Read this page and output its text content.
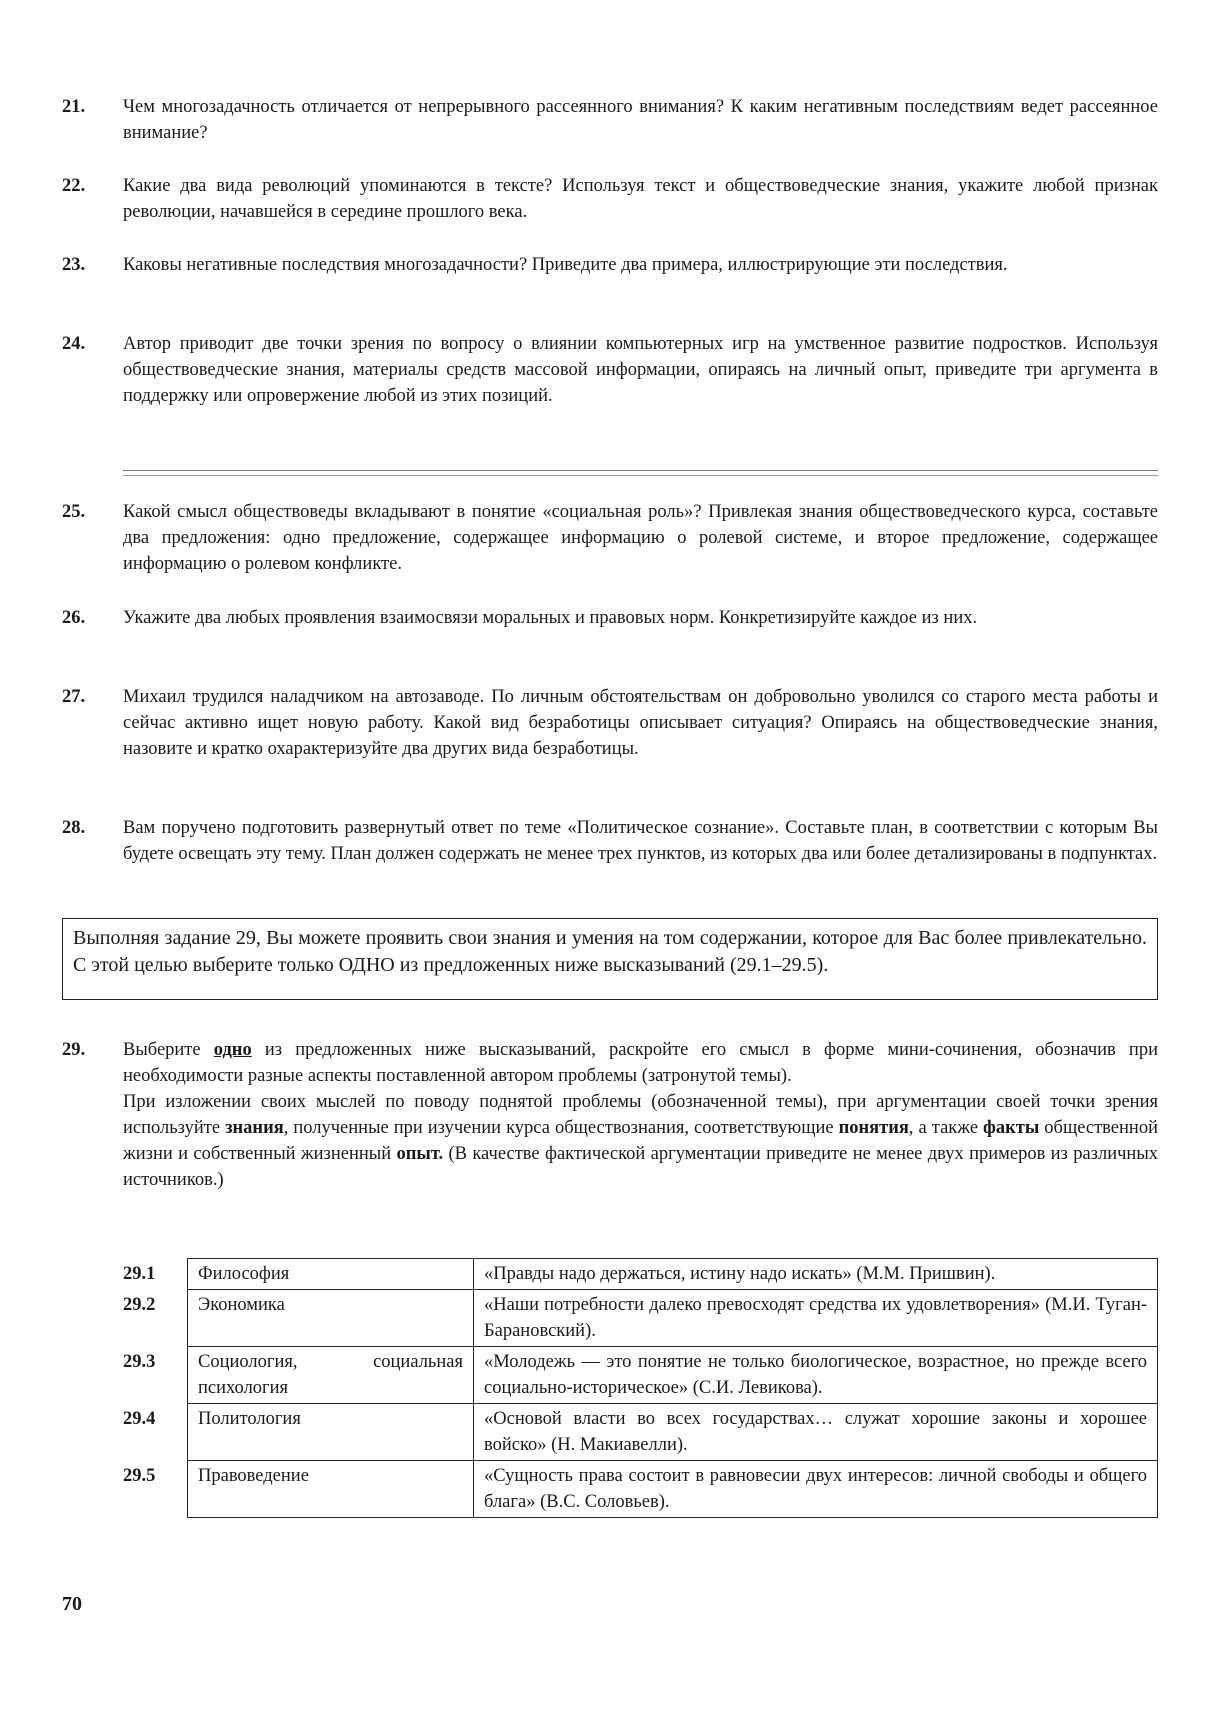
21. Чем многозадачность отличается от непрерывного рассеянного внимания? К каким негативным последствиям ведет рассеянное внимание?
22. Какие два вида революций упоминаются в тексте? Используя текст и обществоведческие знания, укажите любой признак революции, начавшейся в середине прошлого века.
23. Каковы негативные последствия многозадачности? Приведите два примера, иллюстрирующие эти последствия.
24. Автор приводит две точки зрения по вопросу о влиянии компьютерных игр на умственное развитие подростков. Используя обществоведческие знания, материалы средств массовой информации, опираясь на личный опыт, приведите три аргумента в поддержку или опровержение любой из этих позиций.
25. Какой смысл обществоведы вкладывают в понятие «социальная роль»? Привлекая знания обществоведческого курса, составьте два предложения: одно предложение, содержащее информацию о ролевой системе, и второе предложение, содержащее информацию о ролевом конфликте.
26. Укажите два любых проявления взаимосвязи моральных и правовых норм. Конкретизируйте каждое из них.
27. Михаил трудился наладчиком на автозаводе. По личным обстоятельствам он добровольно уволился со старого места работы и сейчас активно ищет новую работу. Какой вид безработицы описывает ситуация? Опираясь на обществоведческие знания, назовите и кратко охарактеризуйте два других вида безработицы.
28. Вам поручено подготовить развернутый ответ по теме «Политическое сознание». Составьте план, в соответствии с которым Вы будете освещать эту тему. План должен содержать не менее трех пунктов, из которых два или более детализированы в подпунктах.
Выполняя задание 29, Вы можете проявить свои знания и умения на том содержании, которое для Вас более привлекательно. С этой целью выберите только ОДНО из предложенных ниже высказываний (29.1–29.5).
29. Выберите одно из предложенных ниже высказываний, раскройте его смысл в форме мини-сочинения, обозначив при необходимости разные аспекты поставленной автором проблемы (затронутой темы).
При изложении своих мыслей по поводу поднятой проблемы (обозначенной темы), при аргументации своей точки зрения используйте знания, полученные при изучении курса обществознания, соответствующие понятия, а также факты общественной жизни и собственный жизненный опыт. (В качестве фактической аргументации приведите не менее двух примеров из различных источников.)
29.1	Философия	«Правды надо держаться, истину надо искать» (М.М. Пришвин).
29.2	Экономика	«Наши потребности далеко превосходят средства их удовлетворения» (М.И. Туган-Барановский).
29.3	Социология, социальная психология	«Молодежь — это понятие не только биологическое, возрастное, но прежде всего социально-историческое» (С.И. Левикова).
29.4	Политология	«Основой власти во всех государствах… служат хорошие законы и хорошее войско» (Н. Макиавелли).
29.5	Правоведение	«Сущность права состоит в равновесии двух интересов: личной свободы и общего блага» (В.С. Соловьев).
70
